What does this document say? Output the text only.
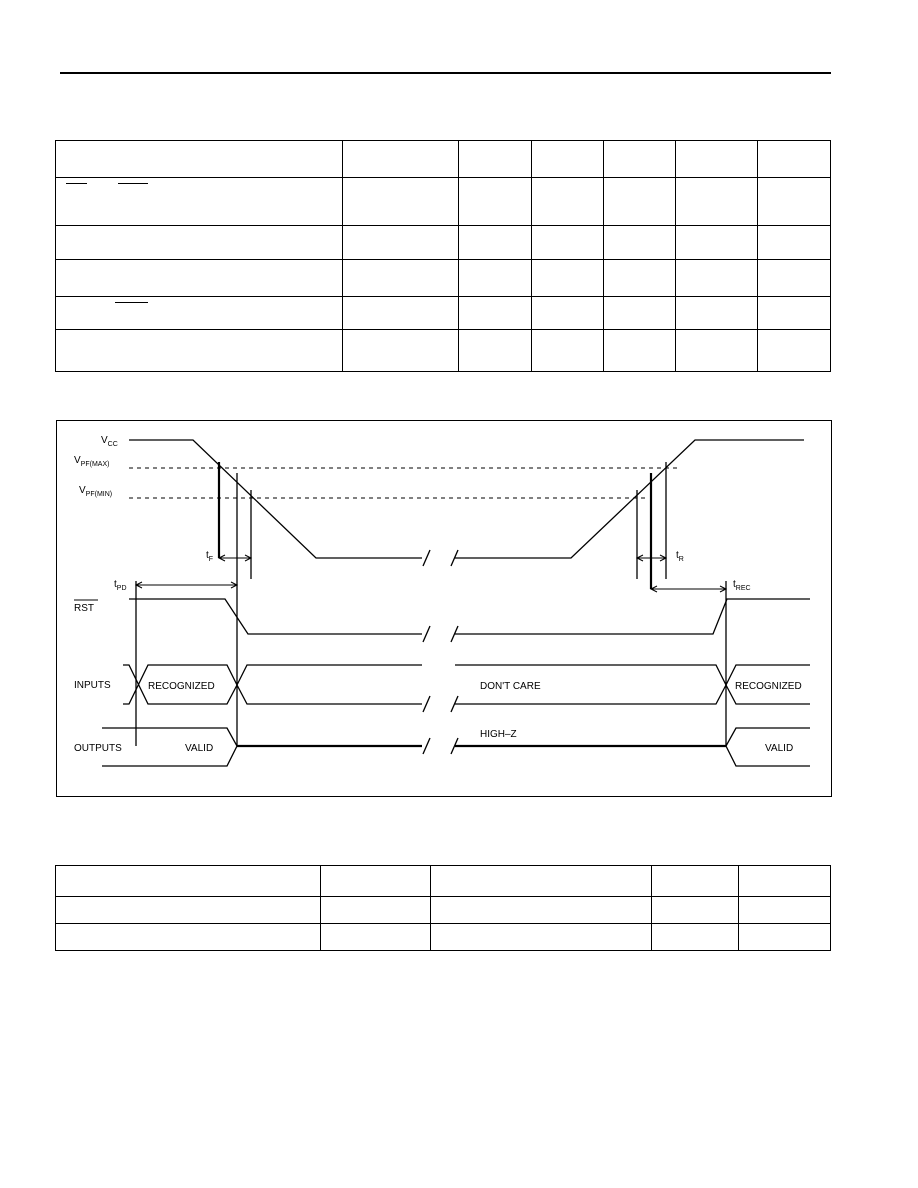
$V_{CC}$
$V_{PF(MAX)}$
$V_{PF(MIN)}$
RST
INPUTS
OUTPUTS
$t_F$	$t_R$
$t_{PD}$	$t_{REC}$
RECOGNIZED	DON'T CARE	RECOGNIZED
VALID
HIGH–Z
VALID
